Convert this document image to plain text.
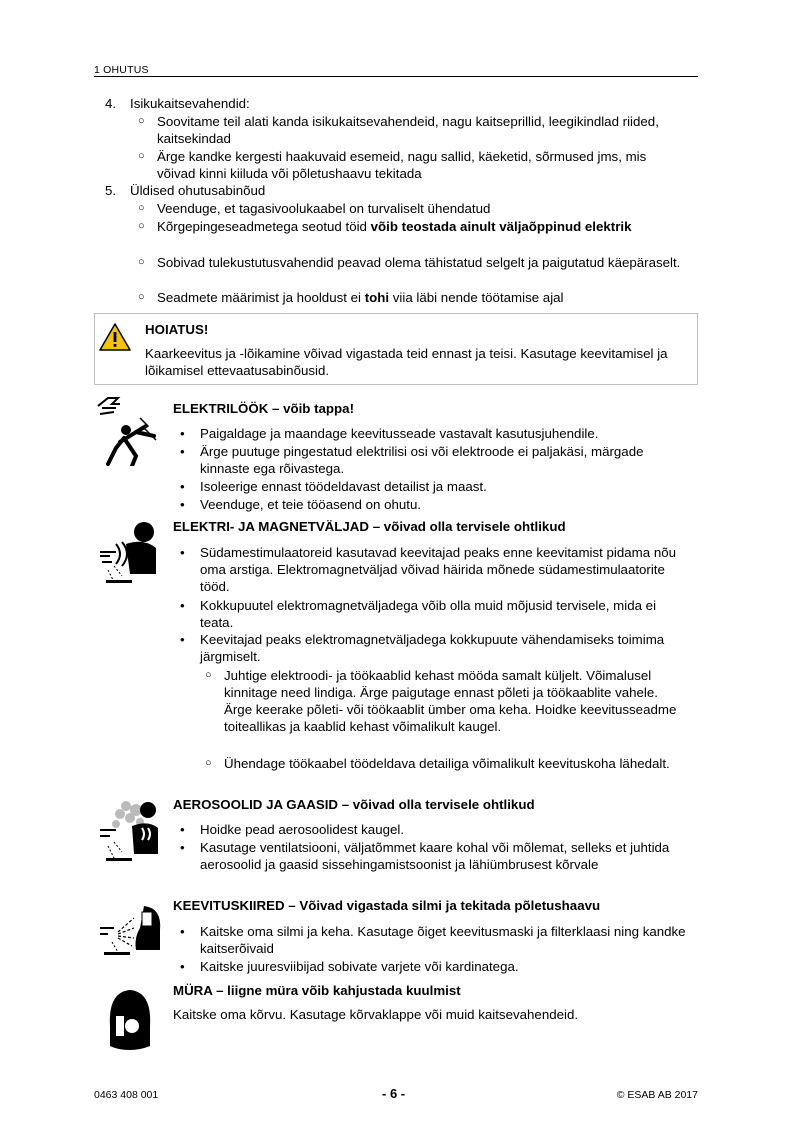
1 OHUTUS
4. Isikukaitsevahendid:
○ Soovitame teil alati kanda isikukaitsevahendeid, nagu kaitseprillid, leegikindlad riided, kaitsekindad
○ Ärge kandke kergesti haakuvaid esemeid, nagu sallid, käeketid, sõrmused jms, mis võivad kinni kiiluda või põletushaavu tekitada
5. Üldised ohutusabinõud
○ Veenduge, et tagasivoolukaabel on turvaliselt ühendatud
○ Kõrgepingeseadmetega seotud töid võib teostada ainult väljaõppinud elektrik
○ Sobivad tulekustutusvahendid peavad olema tähistatud selgelt ja paigutatud käepäraselt.
○ Seadmete määrimist ja hooldust ei tohi viia läbi nende töötamise ajal
HOIATUS!
Kaarkeevitus ja -lõikamine võivad vigastada teid ennast ja teisi. Kasutage keevitamisel ja lõikamisel ettevaatusabinõusid.
ELEKTRILÖÖK – võib tappa!
• Paigaldage ja maandage keevitusseade vastavalt kasutusjuhendile.
• Ärge puutuge pingestatud elektrilisi osi või elektroode ei paljakäsi, märgade kinnaste ega rõivastega.
• Isoleerige ennast töödeldavast detailist ja maast.
• Veenduge, et teie tööasend on ohutu.
ELEKTRI- JA MAGNETVÄLJAD – võivad olla tervisele ohtlikud
• Südamestimulaatoreid kasutavad keevitajad peaks enne keevitamist pidama nõu oma arstiga. Elektromagnetväljad võivad häirida mõnede südamestimulaatorite tööd.
• Kokkupuutel elektromagnetväljadega võib olla muid mõjusid tervisele, mida ei teata.
• Keevitajad peaks elektromagnetväljadega kokkupuute vähendamiseks toimima järgmiselt.
○ Juhtige elektroodi- ja töökaablid kehast mööda samalt küljelt. Võimalusel kinnitage need lindiga. Ärge paigutage ennast põleti ja töökaablite vahele. Ärge keerake põleti- või töökaablit ümber oma keha. Hoidke keevitusseadme toiteallikas ja kaablid kehast võimalikult kaugel.
○ Ühendage töökaabel töödeldava detailiga võimalikult keevituskoha lähedalt.
AEROSOOLID JA GAASID – võivad olla tervisele ohtlikud
• Hoidke pead aerosoolidest kaugel.
• Kasutage ventilatsiooni, väljatõmmet kaare kohal või mõlemat, selleks et juhtida aerosoolid ja gaasid sissehingamistsoonist ja lähiümbrusest kõrvale
KEEVITUSKIIRED – Võivad vigastada silmi ja tekitada põletushaavu
• Kaitske oma silmi ja keha. Kasutage õiget keevitusmaski ja filterklaasi ning kandke kaitserõivaid
• Kaitske juuresviibijad sobivate varjete või kardinatega.
MÜRA – liigne müra võib kahjustada kuulmist
Kaitske oma kõrvu. Kasutage kõrvaklappe või muid kaitsevahendeid.
0463 408 001	- 6 -	© ESAB AB 2017
